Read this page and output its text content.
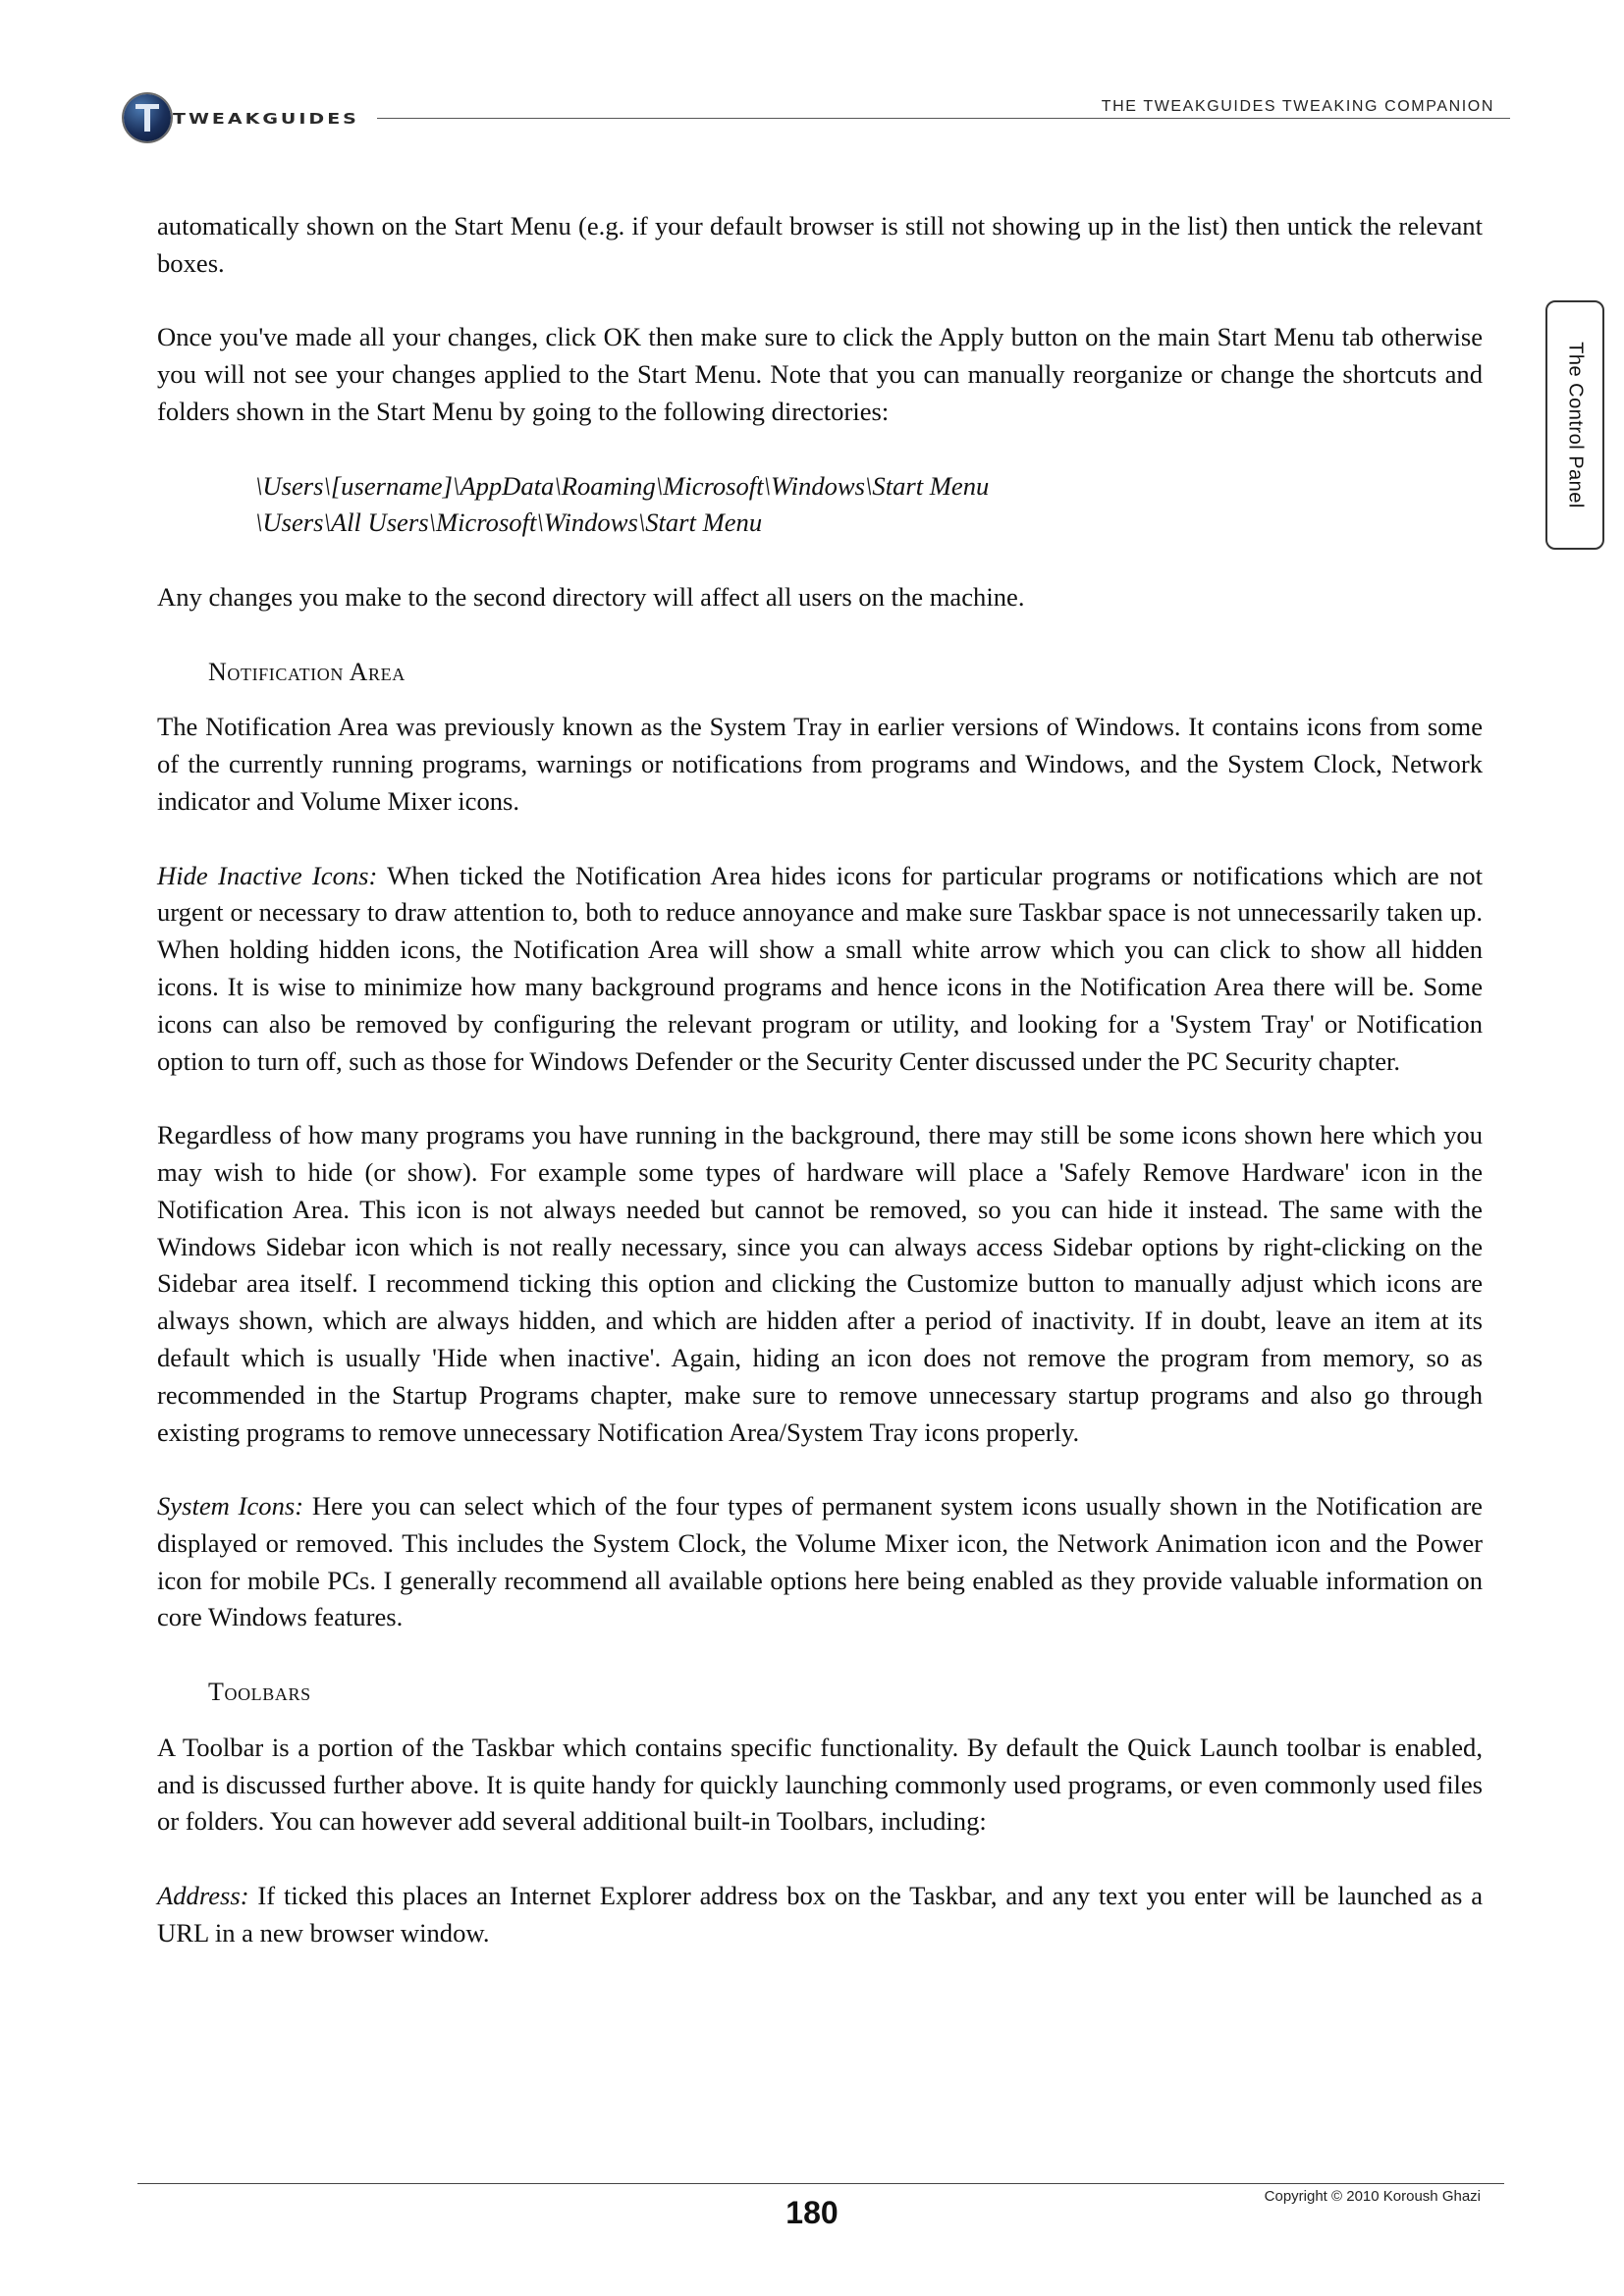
TWEAKGUIDES
THE TWEAKGUIDES TWEAKING COMPANION
The Control Panel

automatically shown on the Start Menu (e.g. if your default browser is still not showing up in the list) then untick the relevant boxes.

Once you've made all your changes, click OK then make sure to click the Apply button on the main Start Menu tab otherwise you will not see your changes applied to the Start Menu. Note that you can manually reorganize or change the shortcuts and folders shown in the Start Menu by going to the following directories:

\Users\[username]\AppData\Roaming\Microsoft\Windows\Start Menu
\Users\All Users\Microsoft\Windows\Start Menu

Any changes you make to the second directory will affect all users on the machine.

Notification Area

The Notification Area was previously known as the System Tray in earlier versions of Windows. It contains icons from some of the currently running programs, warnings or notifications from programs and Windows, and the System Clock, Network indicator and Volume Mixer icons.

Hide Inactive Icons: When ticked the Notification Area hides icons for particular programs or notifications which are not urgent or necessary to draw attention to, both to reduce annoyance and make sure Taskbar space is not unnecessarily taken up. When holding hidden icons, the Notification Area will show a small white arrow which you can click to show all hidden icons. It is wise to minimize how many background programs and hence icons in the Notification Area there will be. Some icons can also be removed by configuring the relevant program or utility, and looking for a 'System Tray' or Notification option to turn off, such as those for Windows Defender or the Security Center discussed under the PC Security chapter.

Regardless of how many programs you have running in the background, there may still be some icons shown here which you may wish to hide (or show). For example some types of hardware will place a 'Safely Remove Hardware' icon in the Notification Area. This icon is not always needed but cannot be removed, so you can hide it instead. The same with the Windows Sidebar icon which is not really necessary, since you can always access Sidebar options by right-clicking on the Sidebar area itself. I recommend ticking this option and clicking the Customize button to manually adjust which icons are always shown, which are always hidden, and which are hidden after a period of inactivity. If in doubt, leave an item at its default which is usually 'Hide when inactive'. Again, hiding an icon does not remove the program from memory, so as recommended in the Startup Programs chapter, make sure to remove unnecessary startup programs and also go through existing programs to remove unnecessary Notification Area/System Tray icons properly.

System Icons: Here you can select which of the four types of permanent system icons usually shown in the Notification are displayed or removed. This includes the System Clock, the Volume Mixer icon, the Network Animation icon and the Power icon for mobile PCs. I generally recommend all available options here being enabled as they provide valuable information on core Windows features.

Toolbars

A Toolbar is a portion of the Taskbar which contains specific functionality. By default the Quick Launch toolbar is enabled, and is discussed further above. It is quite handy for quickly launching commonly used programs, or even commonly used files or folders. You can however add several additional built-in Toolbars, including:

Address: If ticked this places an Internet Explorer address box on the Taskbar, and any text you enter will be launched as a URL in a new browser window.

Copyright © 2010 Koroush Ghazi
180
